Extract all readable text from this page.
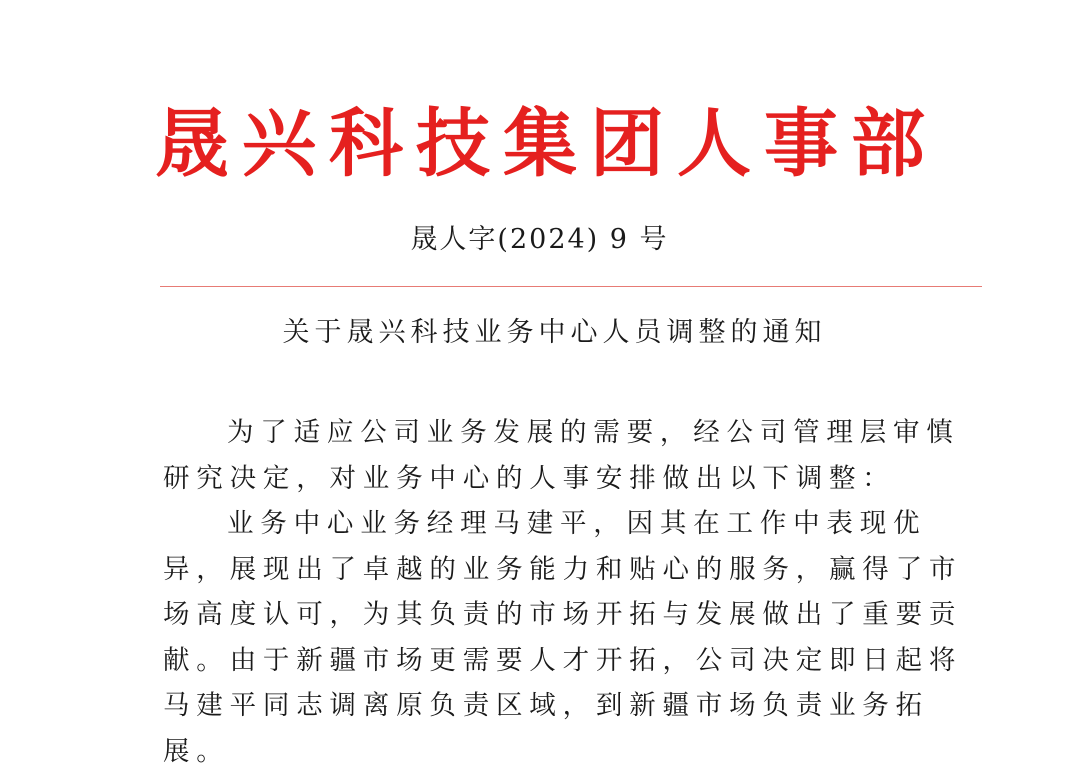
晟 兴 科 技 集 团 人 事 部
晟人字(2024) 9 号
关于晟兴科技业务中心人员调整的通知
为了适应公司业务发展的需要，经公司管理层审慎
研究决定，对业务中心的人事安排做出以下调整：
业务中心业务经理马建平，因其在工作中表现优
异，展现出了卓越的业务能力和贴心的服务，赢得了市
场高度认可，为其负责的市场开拓与发展做出了重要贡
献。由于新疆市场更需要人才开拓，公司决定即日起将
马建平同志调离原负责区域，到新疆市场负责业务拓
展。
